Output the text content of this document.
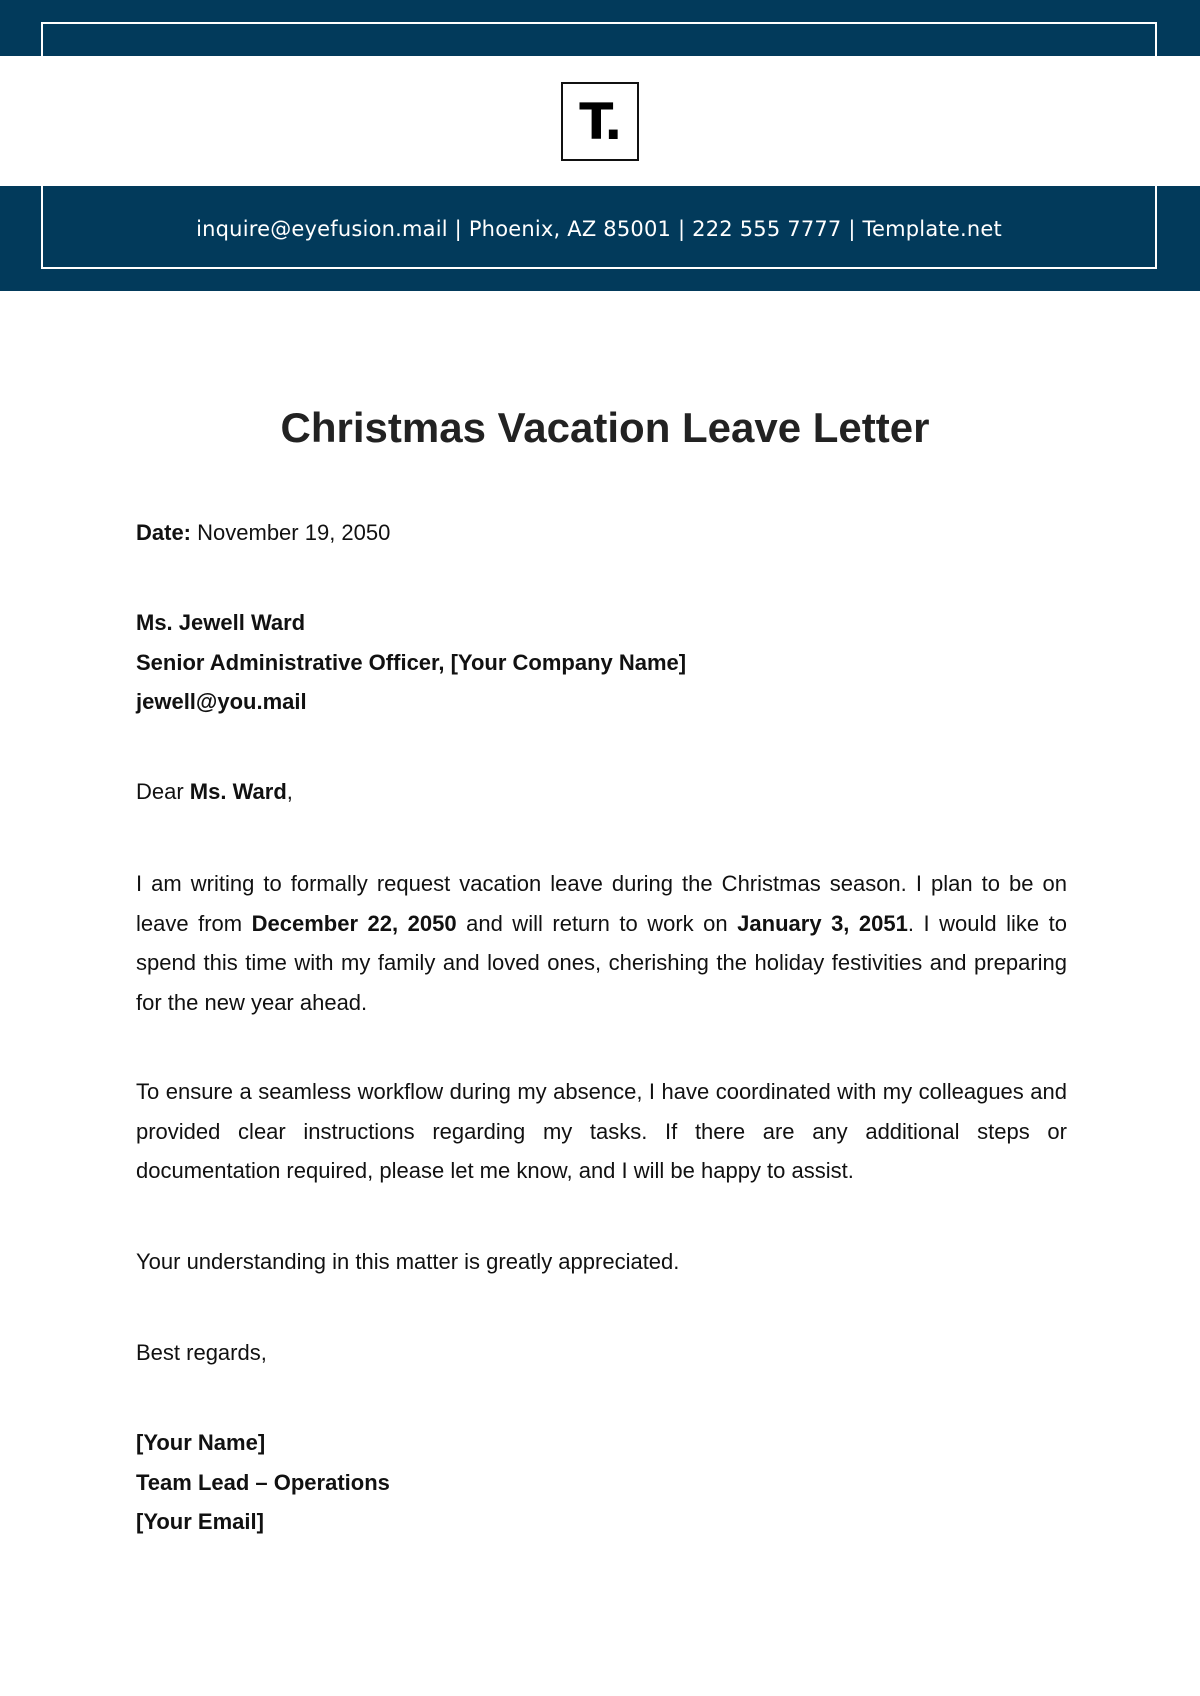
T.
inquire@eyefusion.mail | Phoenix, AZ 85001 | 222 555 7777 | Template.net
Christmas Vacation Leave Letter

Date: November 19, 2050

Ms. Jewell Ward
Senior Administrative Officer, [Your Company Name]
jewell@you.mail

Dear Ms. Ward,

I am writing to formally request vacation leave during the Christmas season. I plan to be on leave from December 22, 2050 and will return to work on January 3, 2051. I would like to spend this time with my family and loved ones, cherishing the holiday festivities and preparing for the new year ahead.

To ensure a seamless workflow during my absence, I have coordinated with my colleagues and provided clear instructions regarding my tasks. If there are any additional steps or documentation required, please let me know, and I will be happy to assist.

Your understanding in this matter is greatly appreciated.

Best regards,

[Your Name]
Team Lead – Operations
[Your Email]
